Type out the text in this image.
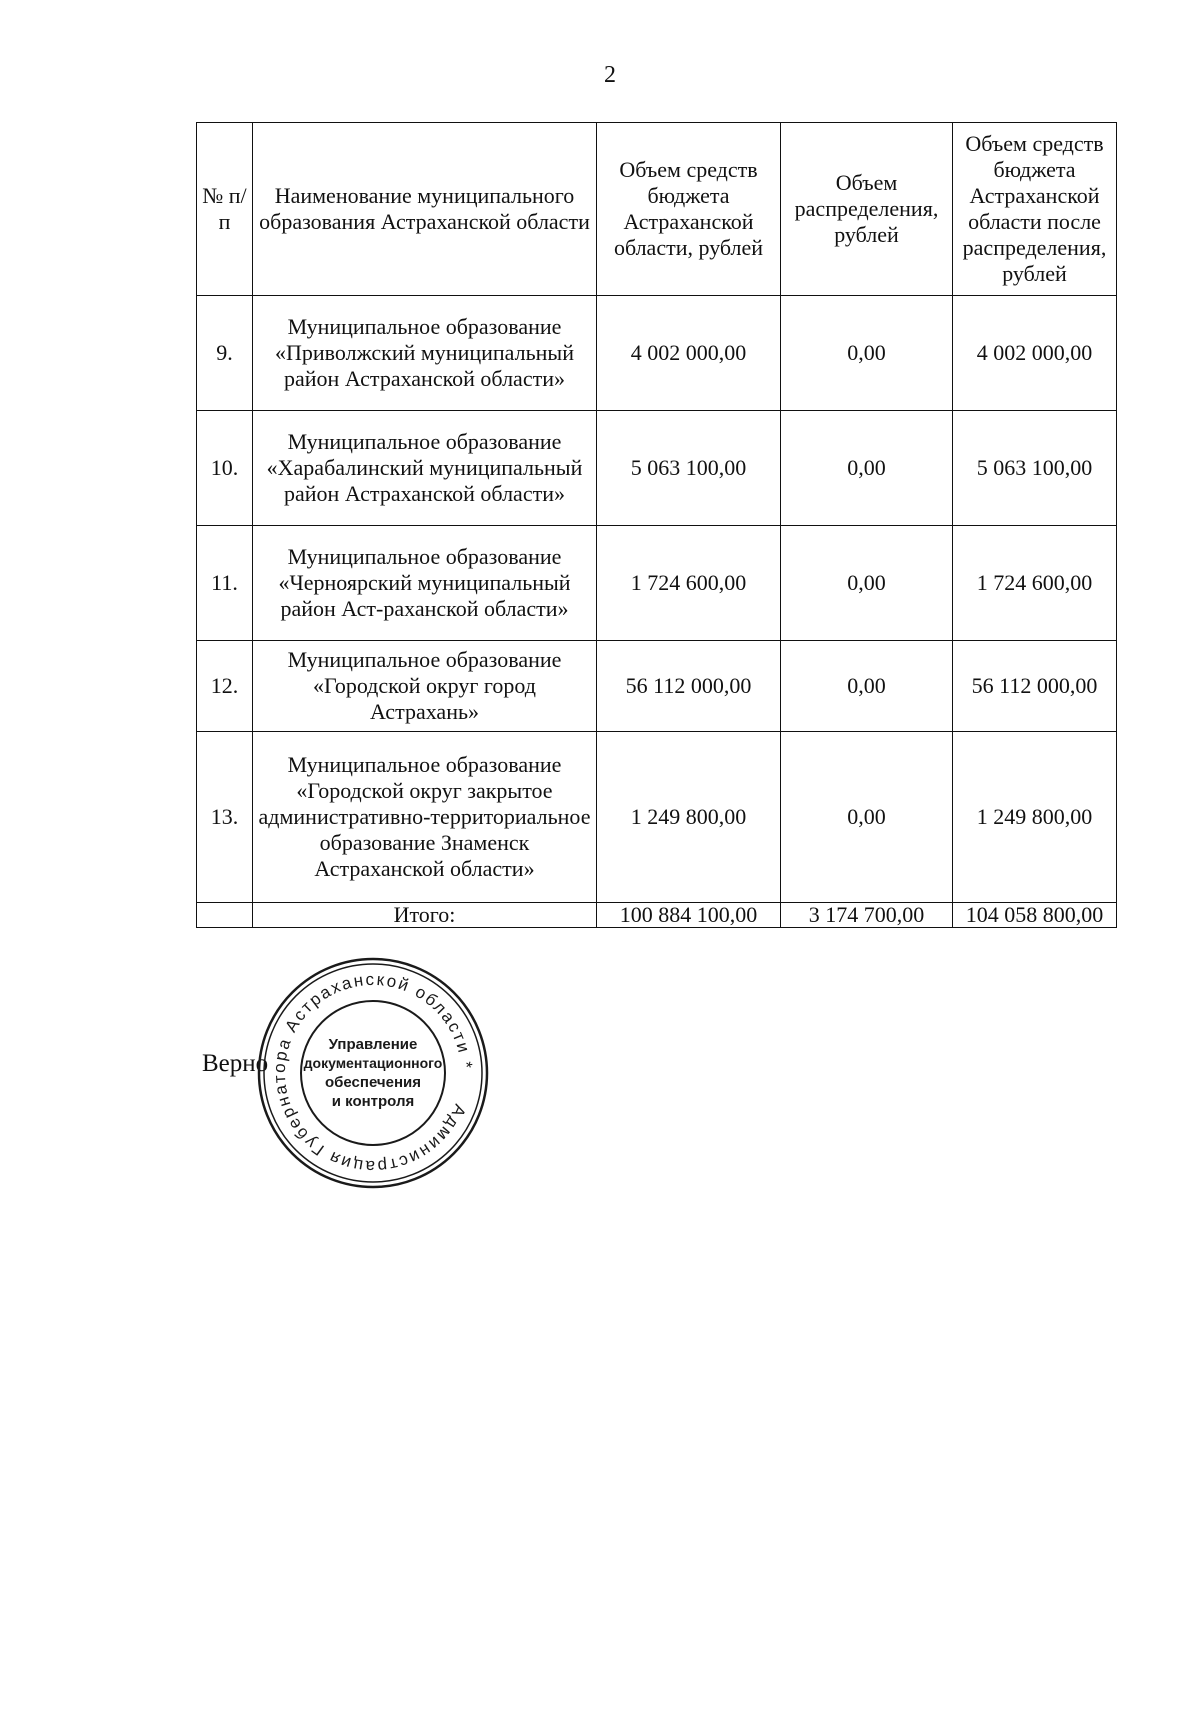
2
№ п/п	Наименование муниципального образования Астраханской области	Объем средств бюджета Астраханской области, рублей	Объем распределения, рублей	Объем средств бюджета Астраханской области после распределения, рублей
9.	Муниципальное образование «Приволжский муниципальный район Астраханской области»	4 002 000,00	0,00	4 002 000,00
10.	Муниципальное образование «Харабалинский муниципальный район Астраханской области»	5 063 100,00	0,00	5 063 100,00
11.	Муниципальное образование «Черноярский муниципальный район Аст-раханской области»	1 724 600,00	0,00	1 724 600,00
12.	Муниципальное образование «Городской округ город Астрахань»	56 112 000,00	0,00	56 112 000,00
13.	Муниципальное образование «Городской округ закрытое административно-территориальное образование Знаменск Астраханской области»	1 249 800,00	0,00	1 249 800,00
	Итого:	100 884 100,00	3 174 700,00	104 058 800,00
Верно
Администрация Губернатора Астраханской области *
Управление
документационного
обеспечения
и контроля
